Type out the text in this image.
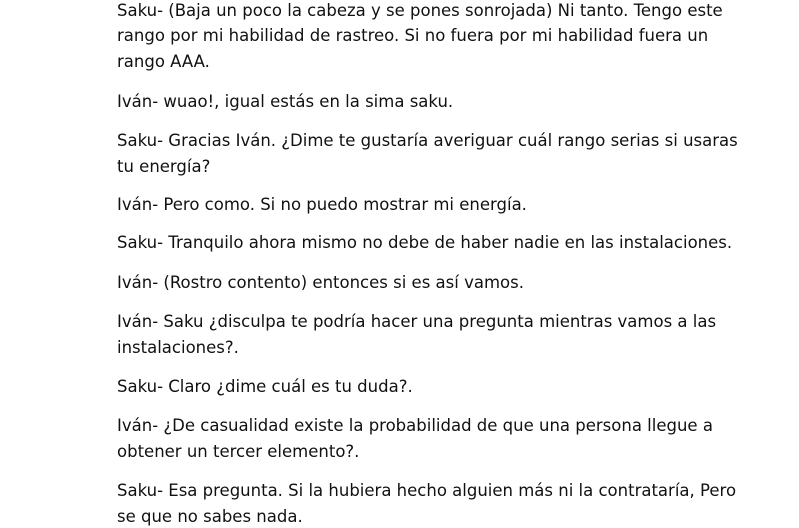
Saku- (Baja un poco la cabeza y se pones sonrojada) Ni tanto. Tengo este

rango por mi habilidad de rastreo. Si no fuera por mi habilidad fuera un

rango AAA.

Iván- wuao!, igual estás en la sima saku.

Saku- Gracias Iván. ¿Dime te gustaría averiguar cuál rango serias si usaras

tu energía?

Iván- Pero como. Si no puedo mostrar mi energía.

Saku- Tranquilo ahora mismo no debe de haber nadie en las instalaciones.

Iván- (Rostro contento) entonces si es así vamos.

Iván- Saku ¿disculpa te podría hacer una pregunta mientras vamos a las

instalaciones?.

Saku- Claro ¿dime cuál es tu duda?.

Iván- ¿De casualidad existe la probabilidad de que una persona llegue a

obtener un tercer elemento?.

Saku- Esa pregunta. Si la hubiera hecho alguien más ni la contrataría, Pero

se que no sabes nada.
